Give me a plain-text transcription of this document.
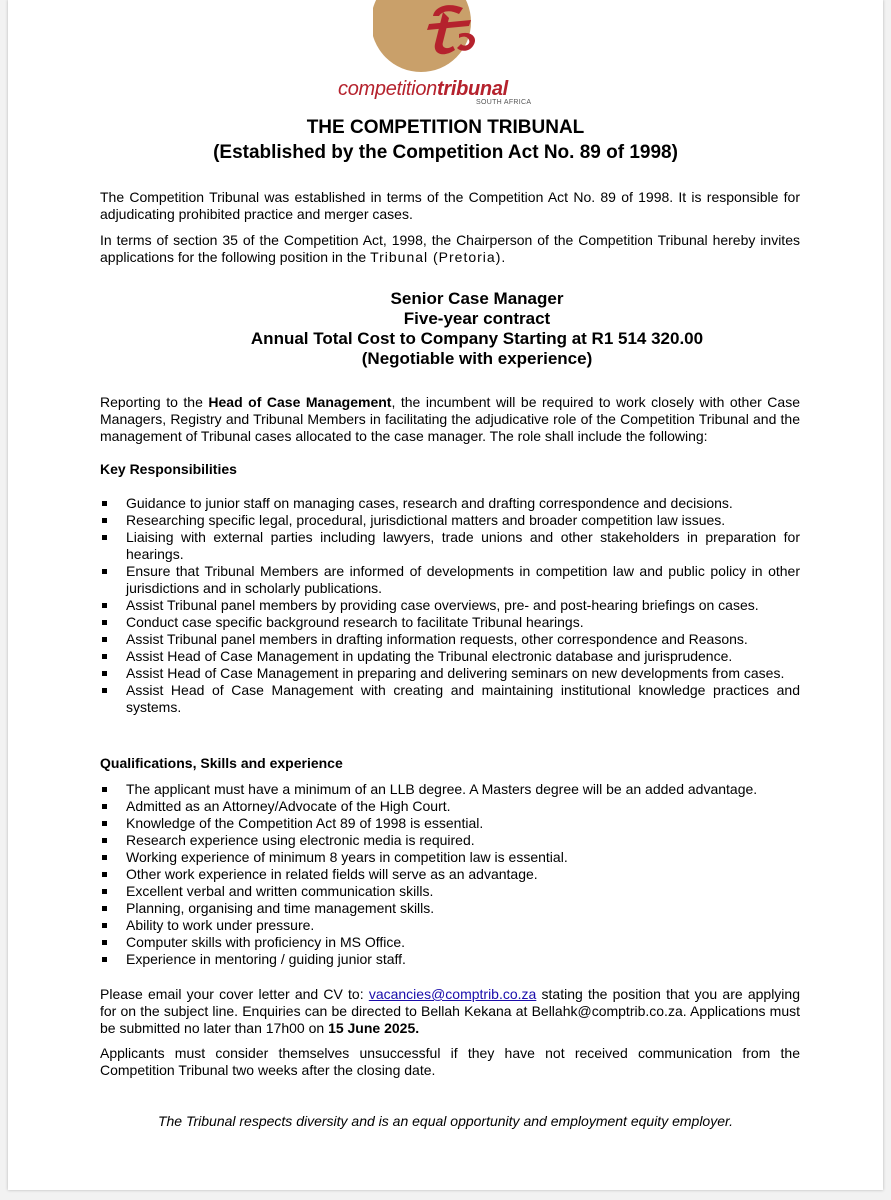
competitiontribunal
SOUTH AFRICA
THE COMPETITION TRIBUNAL
(Established by the Competition Act No. 89 of 1998)
The Competition Tribunal was established in terms of the Competition Act No. 89 of 1998. It is responsible for adjudicating prohibited practice and merger cases.
In terms of section 35 of the Competition Act, 1998, the Chairperson of the Competition Tribunal hereby invites applications for the following position in the Tribunal (Pretoria).
Senior Case Manager
Five-year contract
Annual Total Cost to Company Starting at R1 514 320.00
(Negotiable with experience)
Reporting to the Head of Case Management, the incumbent will be required to work closely with other Case Managers, Registry and Tribunal Members in facilitating the adjudicative role of the Competition Tribunal and the management of Tribunal cases allocated to the case manager. The role shall include the following:
Key Responsibilities
Guidance to junior staff on managing cases, research and drafting correspondence and decisions.
Researching specific legal, procedural, jurisdictional matters and broader competition law issues.
Liaising with external parties including lawyers, trade unions and other stakeholders in preparation for hearings.
Ensure that Tribunal Members are informed of developments in competition law and public policy in other jurisdictions and in scholarly publications.
Assist Tribunal panel members by providing case overviews, pre- and post-hearing briefings on cases.
Conduct case specific background research to facilitate Tribunal hearings.
Assist Tribunal panel members in drafting information requests, other correspondence and Reasons.
Assist Head of Case Management in updating the Tribunal electronic database and jurisprudence.
Assist Head of Case Management in preparing and delivering seminars on new developments from cases.
Assist Head of Case Management with creating and maintaining institutional knowledge practices and systems.
Qualifications, Skills and experience
The applicant must have a minimum of an LLB degree. A Masters degree will be an added advantage.
Admitted as an Attorney/Advocate of the High Court.
Knowledge of the Competition Act 89 of 1998 is essential.
Research experience using electronic media is required.
Working experience of minimum 8 years in competition law is essential.
Other work experience in related fields will serve as an advantage.
Excellent verbal and written communication skills.
Planning, organising and time management skills.
Ability to work under pressure.
Computer skills with proficiency in MS Office.
Experience in mentoring / guiding junior staff.
Please email your cover letter and CV to: vacancies@comptrib.co.za stating the position that you are applying for on the subject line. Enquiries can be directed to Bellah Kekana at Bellahk@comptrib.co.za. Applications must be submitted no later than 17h00 on 15 June 2025.
Applicants must consider themselves unsuccessful if they have not received communication from the Competition Tribunal two weeks after the closing date.
The Tribunal respects diversity and is an equal opportunity and employment equity employer.
